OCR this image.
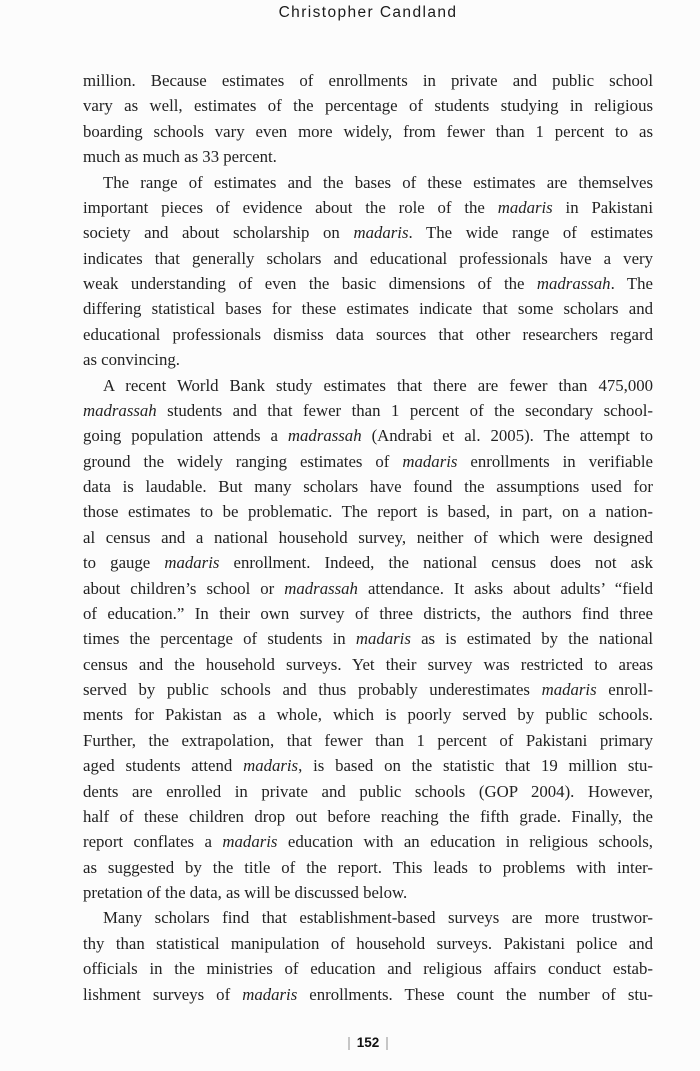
Christopher Candland
million. Because estimates of enrollments in private and public school
vary as well, estimates of the percentage of students studying in religious
boarding schools vary even more widely, from fewer than 1 percent to as
much as much as 33 percent.
The range of estimates and the bases of these estimates are themselves
important pieces of evidence about the role of the madaris in Pakistani
society and about scholarship on madaris. The wide range of estimates
indicates that generally scholars and educational professionals have a very
weak understanding of even the basic dimensions of the madrassah. The
differing statistical bases for these estimates indicate that some scholars and
educational professionals dismiss data sources that other researchers regard
as convincing.
A recent World Bank study estimates that there are fewer than 475,000
madrassah students and that fewer than 1 percent of the secondary school-
going population attends a madrassah (Andrabi et al. 2005). The attempt to
ground the widely ranging estimates of madaris enrollments in verifiable
data is laudable. But many scholars have found the assumptions used for
those estimates to be problematic. The report is based, in part, on a nation-
al census and a national household survey, neither of which were designed
to gauge madaris enrollment. Indeed, the national census does not ask
about children’s school or madrassah attendance. It asks about adults’ “field
of education.” In their own survey of three districts, the authors find three
times the percentage of students in madaris as is estimated by the national
census and the household surveys. Yet their survey was restricted to areas
served by public schools and thus probably underestimates madaris enroll-
ments for Pakistan as a whole, which is poorly served by public schools.
Further, the extrapolation, that fewer than 1 percent of Pakistani primary
aged students attend madaris, is based on the statistic that 19 million stu-
dents are enrolled in private and public schools (GOP 2004). However,
half of these children drop out before reaching the fifth grade. Finally, the
report conflates a madaris education with an education in religious schools,
as suggested by the title of the report. This leads to problems with inter-
pretation of the data, as will be discussed below.
Many scholars find that establishment-based surveys are more trustwor-
thy than statistical manipulation of household surveys. Pakistani police and
officials in the ministries of education and religious affairs conduct estab-
lishment surveys of madaris enrollments. These count the number of stu-
| 152 |
